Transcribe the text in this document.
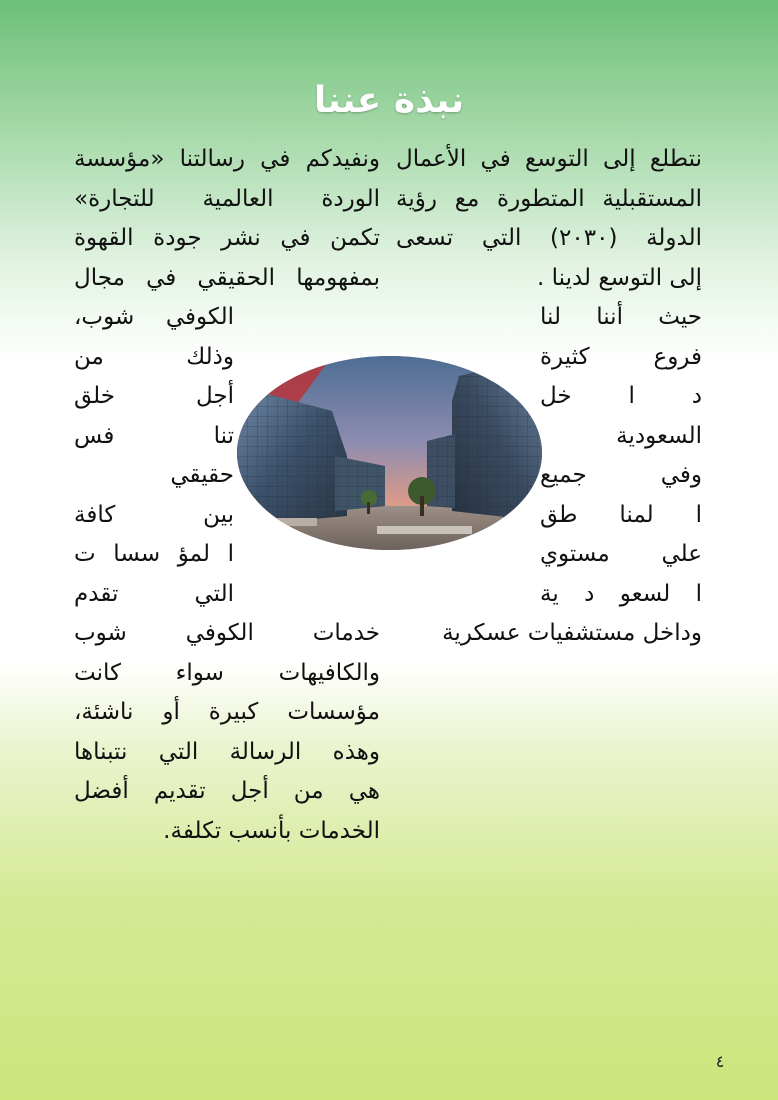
نبذة عننا
نتطلع إلى التوسع في الأعمال
المستقبلية المتطورة مع رؤية
الدولة (٢٠٣٠) التي تسعى
إلى التوسع لدينا .
حيث أننا لنا
فروع كثيرة
د ا خل
السعودية
وفي جميع
ا لمنا طق
علي مستوي
ا لسعو د ية
وداخل مستشفيات عسكرية
ونفيدكم في رسالتنا «مؤسسة
الوردة العالمية للتجارة»
تكمن في نشر جودة القهوة
بمفهومها الحقيقي في مجال
الكوفي شوب،
وذلك من
أجل خلق
تنا فس
حقيقي
بين كافة
ا لمؤ سسا ت
التي تقدم
خدمات الكوفي شوب
والكافيهات سواء كانت
مؤسسات كبيرة أو ناشئة،
وهذه الرسالة التي نتبناها
هي من أجل تقديم أفضل
الخدمات بأنسب تكلفة.
٤
